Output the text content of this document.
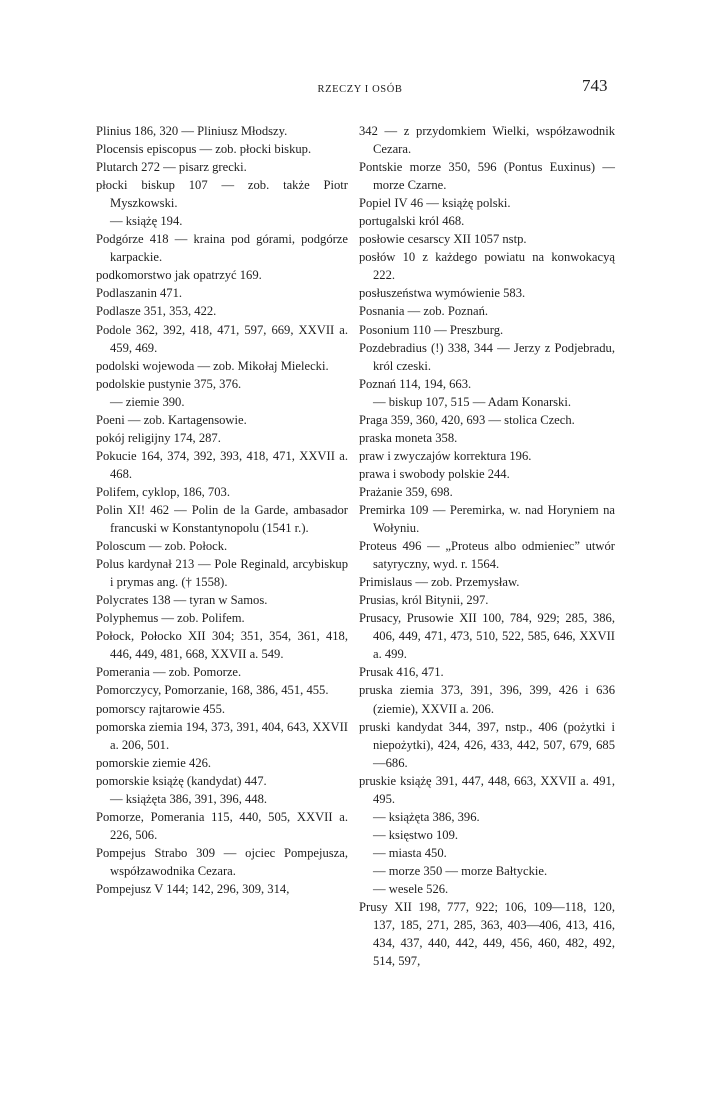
RZECZY I OSÓB	743

Plinius 186, 320 — Pliniusz Młodszy.

Plocensis episcopus — zob. płocki biskup.

Plutarch 272 — pisarz grecki.

płocki biskup 107 — zob. także Piotr Myszkowski.

— książę 194.

Podgórze 418 — kraina pod górami, podgórze karpackie.

podkomorstwo jak opatrzyć 169.

Podlaszanin 471.

Podlasze 351, 353, 422.

Podole 362, 392, 418, 471, 597, 669, XXVII a. 459, 469.

podolski wojewoda — zob. Mikołaj Mielecki.

podolskie pustynie 375, 376.

— ziemie 390.

Poeni — zob. Kartagensowie.

pokój religijny 174, 287.

Pokucie 164, 374, 392, 393, 418, 471, XXVII a. 468.

Polifem, cyklop, 186, 703.

Polin XI! 462 — Polin de la Garde, ambasador francuski w Konstantynopolu (1541 r.).

Poloscum — zob. Połock.

Polus kardynał 213 — Pole Reginald, arcybiskup i prymas ang. († 1558).

Polycrates 138 — tyran w Samos.

Polyphemus — zob. Polifem.

Połock, Połocko XII 304; 351, 354, 361, 418, 446, 449, 481, 668, XXVII a. 549.

Pomerania — zob. Pomorze.

Pomorczycy, Pomorzanie, 168, 386, 451, 455.

pomorscy rajtarowie 455.

pomorska ziemia 194, 373, 391, 404, 643, XXVII a. 206, 501.

pomorskie ziemie 426.

pomorskie książę (kandydat) 447.

— książęta 386, 391, 396, 448.

Pomorze, Pomerania 115, 440, 505, XXVII a. 226, 506.

Pompejus Strabo 309 — ojciec Pompejusza, współzawodnika Cezara.

Pompejusz V 144; 142, 296, 309, 314,

342 — z przydomkiem Wielki, współzawodnik Cezara.

Pontskie morze 350, 596 (Pontus Euxinus) — morze Czarne.

Popiel IV 46 — książę polski.

portugalski król 468.

posłowie cesarscy XII 1057 nstp.

posłów 10 z każdego powiatu na konwokacyą 222.

posłuszeństwa wymówienie 583.

Posnania — zob. Poznań.

Posonium 110 — Preszburg.

Pozdebradius (!) 338, 344 — Jerzy z Podjebradu, król czeski.

Poznań 114, 194, 663.

— biskup 107, 515 — Adam Konarski.

Praga 359, 360, 420, 693 — stolica Czech.

praska moneta 358.

praw i zwyczajów korrektura 196.

prawa i swobody polskie 244.

Prażanie 359, 698.

Premirka 109 — Peremirka, w. nad Horyniem na Wołyniu.

Proteus 496 — „Proteus albo odmieniec” utwór satyryczny, wyd. r. 1564.

Primislaus — zob. Przemysław.

Prusias, król Bitynii, 297.

Prusacy, Prusowie XII 100, 784, 929; 285, 386, 406, 449, 471, 473, 510, 522, 585, 646, XXVII a. 499.

Prusak 416, 471.

pruska ziemia 373, 391, 396, 399, 426 i 636 (ziemie), XXVII a. 206.

pruski kandydat 344, 397, nstp., 406 (pożytki i niepożytki), 424, 426, 433, 442, 507, 679, 685—686.

pruskie książę 391, 447, 448, 663, XXVII a. 491, 495.

— książęta 386, 396.

— księstwo 109.

— miasta 450.

— morze 350 — morze Bałtyckie.

— wesele 526.

Prusy XII 198, 777, 922; 106, 109—118, 120, 137, 185, 271, 285, 363, 403—406, 413, 416, 434, 437, 440, 442, 449, 456, 460, 482, 492, 514, 597,
